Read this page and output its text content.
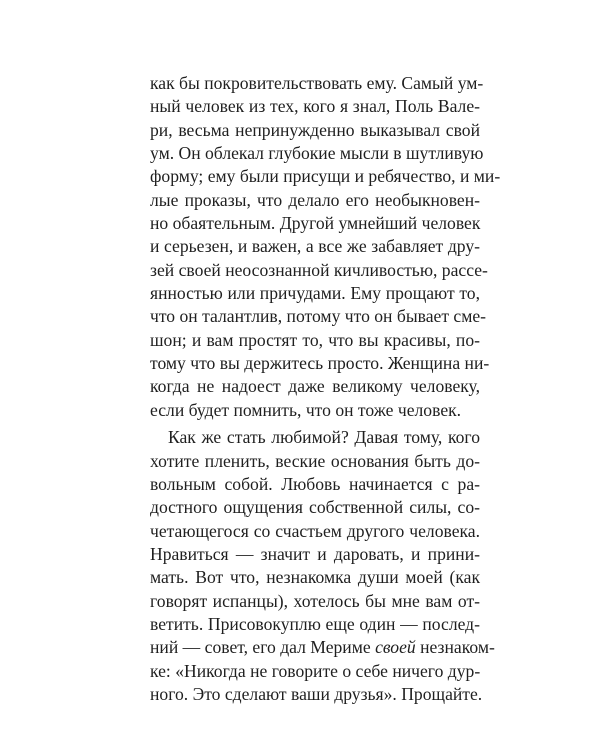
как бы покровительствовать ему. Самый ум-
ный человек из тех, кого я знал, Поль Вале-
ри, весьма непринужденно выказывал свой
ум. Он облекал глубокие мысли в шутливую
форму; ему были присущи и ребячество, и ми-
лые проказы, что делало его необыкновен-
но обаятельным. Другой умнейший человек
и серьезен, и важен, а все же забавляет дру-
зей своей неосознанной кичливостью, рассе-
янностью или причудами. Ему прощают то,
что он талантлив, потому что он бывает сме-
шон; и вам простят то, что вы красивы, по-
тому что вы держитесь просто. Женщина ни-
когда не надоест даже великому человеку,
если будет помнить, что он тоже человек.
Как же стать любимой? Давая тому, кого
хотите пленить, веские основания быть до-
вольным собой. Любовь начинается с ра-
достного ощущения собственной силы, со-
четающегося со счастьем другого человека.
Нравиться — значит и даровать, и прини-
мать. Вот что, незнакомка души моей (как
говорят испанцы), хотелось бы мне вам от-
ветить. Присовокуплю еще один — послед-
ний — совет, его дал Мериме своей незнаком-
ке: «Никогда не говорите о себе ничего дур-
ного. Это сделают ваши друзья». Прощайте.
